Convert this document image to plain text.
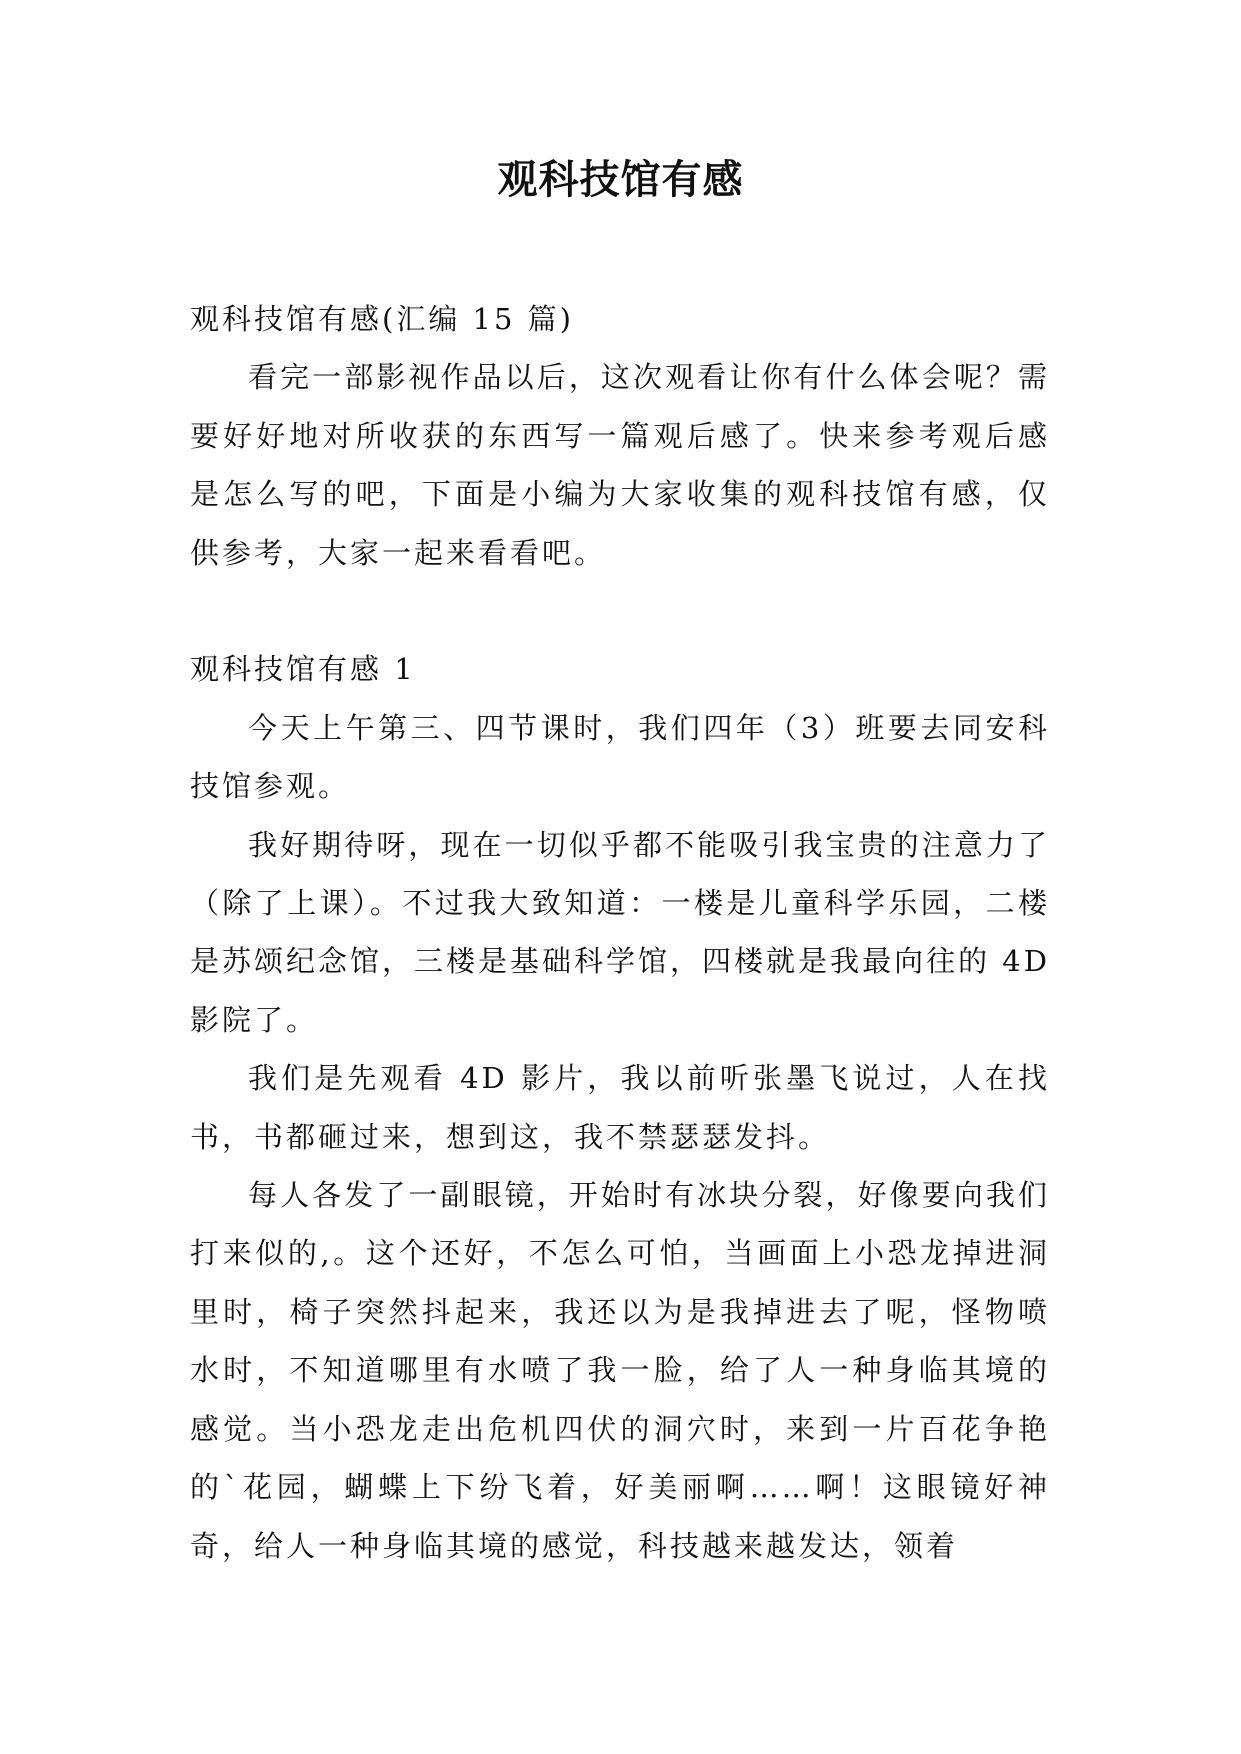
观科技馆有感

观科技馆有感(汇编 15 篇)

看完一部影视作品以后，这次观看让你有什么体会呢？需要好好地对所收获的东西写一篇观后感了。快来参考观后感是怎么写的吧，下面是小编为大家收集的观科技馆有感，仅供参考，大家一起来看看吧。

观科技馆有感 1

今天上午第三、四节课时，我们四年（3）班要去同安科技馆参观。

我好期待呀，现在一切似乎都不能吸引我宝贵的注意力了（除了上课）。不过我大致知道：一楼是儿童科学乐园，二楼是苏颂纪念馆，三楼是基础科学馆，四楼就是我最向往的 4D 影院了。

我们是先观看 4D 影片，我以前听张墨飞说过，人在找书，书都砸过来，想到这，我不禁瑟瑟发抖。

每人各发了一副眼镜，开始时有冰块分裂，好像要向我们打来似的,。这个还好，不怎么可怕，当画面上小恐龙掉进洞里时，椅子突然抖起来，我还以为是我掉进去了呢，怪物喷水时，不知道哪里有水喷了我一脸，给了人一种身临其境的感觉。当小恐龙走出危机四伏的洞穴时，来到一片百花争艳的`花园，蝴蝶上下纷飞着，好美丽啊……啊！这眼镜好神奇，给人一种身临其境的感觉，科技越来越发达，领着
